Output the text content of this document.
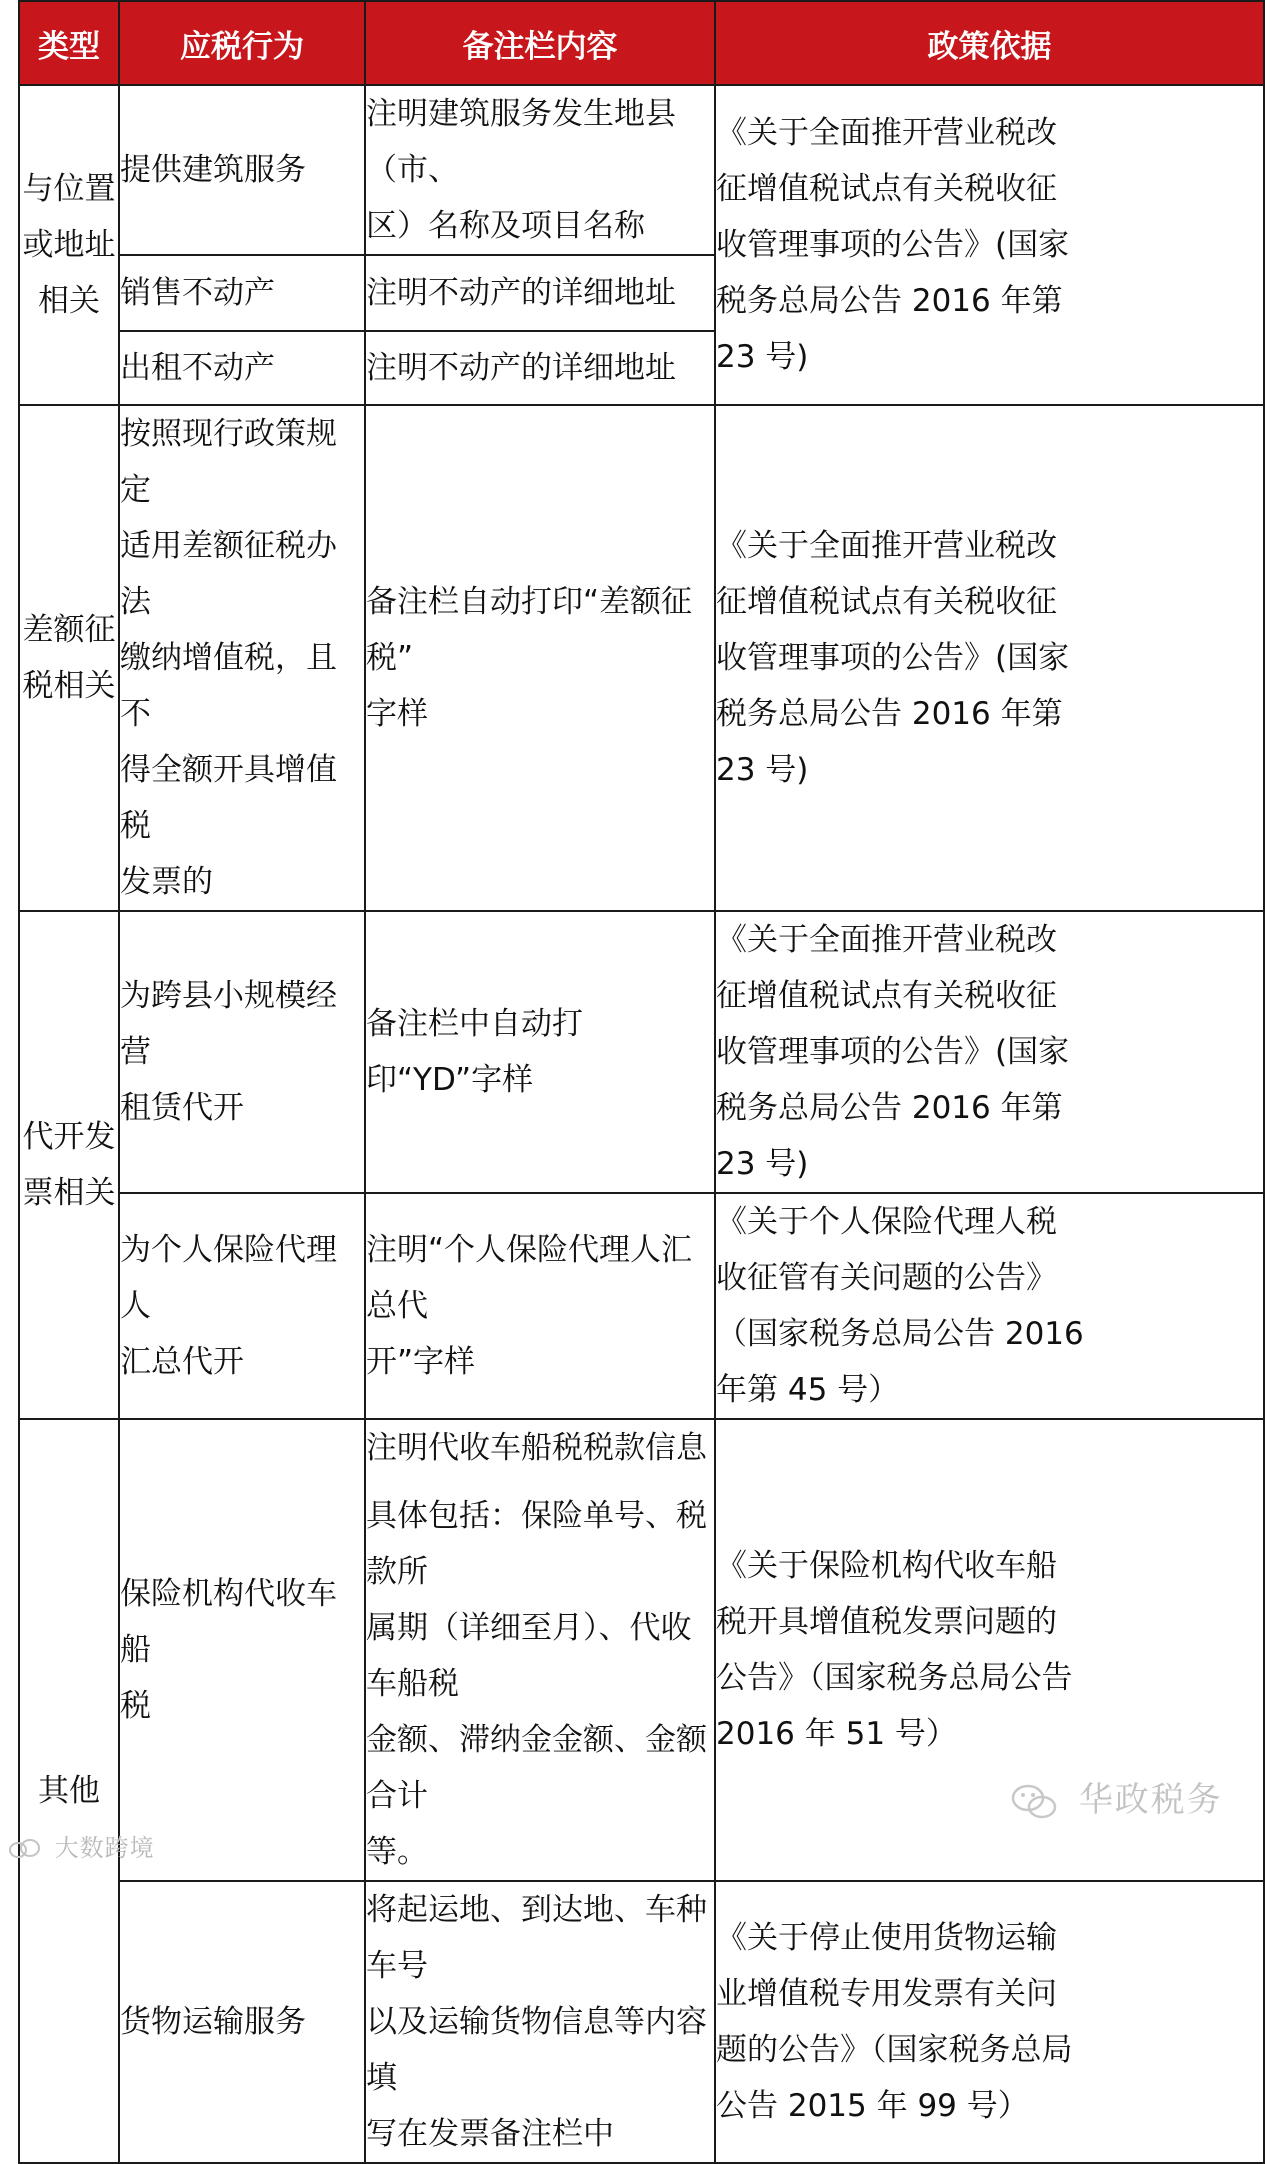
类型	应税行为	备注栏内容	政策依据

与位置
或地址
相关	提供建筑服务	注明建筑服务发生地县（市、
区）名称及项目名称	《关于全面推开营业税改
征增值税试点有关税收征
收管理事项的公告》(国家
税务总局公告 2016 年第
23 号)

	销售不动产	注明不动产的详细地址	

	出租不动产	注明不动产的详细地址	

差额征
税相关	按照现行政策规定
适用差额征税办法
缴纳增值税，且不
得全额开具增值税
发票的	备注栏自动打印“差额征税”
字样	《关于全面推开营业税改
征增值税试点有关税收征
收管理事项的公告》(国家
税务总局公告 2016 年第
23 号)

代开发
票相关	为跨县小规模经营
租赁代开	备注栏中自动打印“YD”字样	《关于全面推开营业税改
征增值税试点有关税收征
收管理事项的公告》(国家
税务总局公告 2016 年第
23 号)

	为个人保险代理人
汇总代开	注明“个人保险代理人汇总代
开”字样	《关于个人保险代理人税
收征管有关问题的公告》
（国家税务总局公告 2016
年第 45 号）

其他	保险机构代收车船
税	注明代收车船税税款信息
具体包括：保险单号、税款所
属期（详细至月）、代收车船税
金额、滞纳金金额、金额合计
等。	《关于保险机构代收车船
税开具增值税发票问题的
公告》（国家税务总局公告
2016 年 51 号）

	货物运输服务	将起运地、到达地、车种车号
以及运输货物信息等内容填
写在发票备注栏中	《关于停止使用货物运输
业增值税专用发票有关问
题的公告》（国家税务总局
公告 2015 年 99 号）
大数跨境
华政税务
